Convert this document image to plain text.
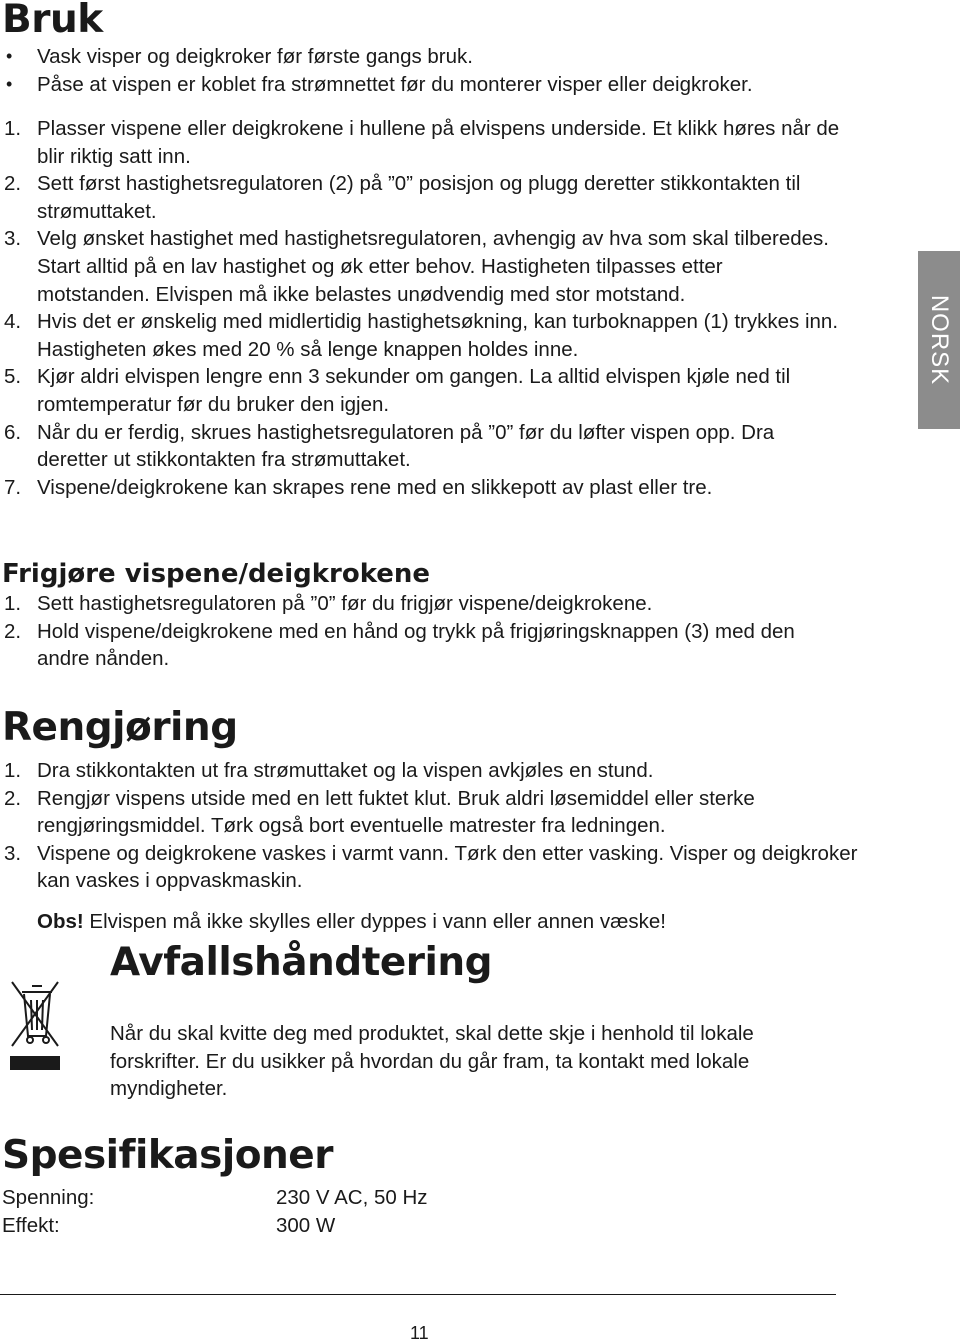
Bruk
• Vask visper og deigkroker før første gangs bruk.
• Påse at vispen er koblet fra strømnettet før du monterer visper eller deigkroker.
1. Plasser vispene eller deigkrokene i hullene på elvispens underside. Et klikk høres når de blir riktig satt inn.
2. Sett først hastighetsregulatoren (2) på ”0” posisjon og plugg deretter stikkontakten til strømuttaket.
3. Velg ønsket hastighet med hastighetsregulatoren, avhengig av hva som skal tilberedes. Start alltid på en lav hastighet og øk etter behov. Hastigheten tilpasses etter motstanden. Elvispen må ikke belastes unødvendig med stor motstand.
4. Hvis det er ønskelig med midlertidig hastighetsøkning, kan turboknappen (1) trykkes inn. Hastigheten økes med 20 % så lenge knappen holdes inne.
5. Kjør aldri elvispen lengre enn 3 sekunder om gangen. La alltid elvispen kjøle ned til romtemperatur før du bruker den igjen.
6. Når du er ferdig, skrues hastighetsregulatoren på ”0” før du løfter vispen opp. Dra deretter ut stikkontakten fra strømuttaket.
7. Vispene/deigkrokene kan skrapes rene med en slikkepott av plast eller tre.
NORSK
Frigjøre vispene/deigkrokene
1. Sett hastighetsregulatoren på ”0” før du frigjør vispene/deigkrokene.
2. Hold vispene/deigkrokene med en hånd og trykk på frigjøringsknappen (3) med den andre nånden.
Rengjøring
1. Dra stikkontakten ut fra strømuttaket og la vispen avkjøles en stund.
2. Rengjør vispens utside med en lett fuktet klut. Bruk aldri løsemiddel eller sterke rengjøringsmiddel. Tørk også bort eventuelle matrester fra ledningen.
3. Vispene og deigkrokene vaskes i varmt vann. Tørk den etter vasking. Visper og deigkroker kan vaskes i oppvaskmaskin.

Obs! Elvispen må ikke skylles eller dyppes i vann eller annen væske!

Avfallshåndtering

Når du skal kvitte deg med produktet, skal dette skje i henhold til lokale forskrifter. Er du usikker på hvordan du går fram, ta kontakt med lokale myndigheter.

Spesifikasjoner
Spenning:	230 V AC, 50 Hz
Effekt:	300 W
11
